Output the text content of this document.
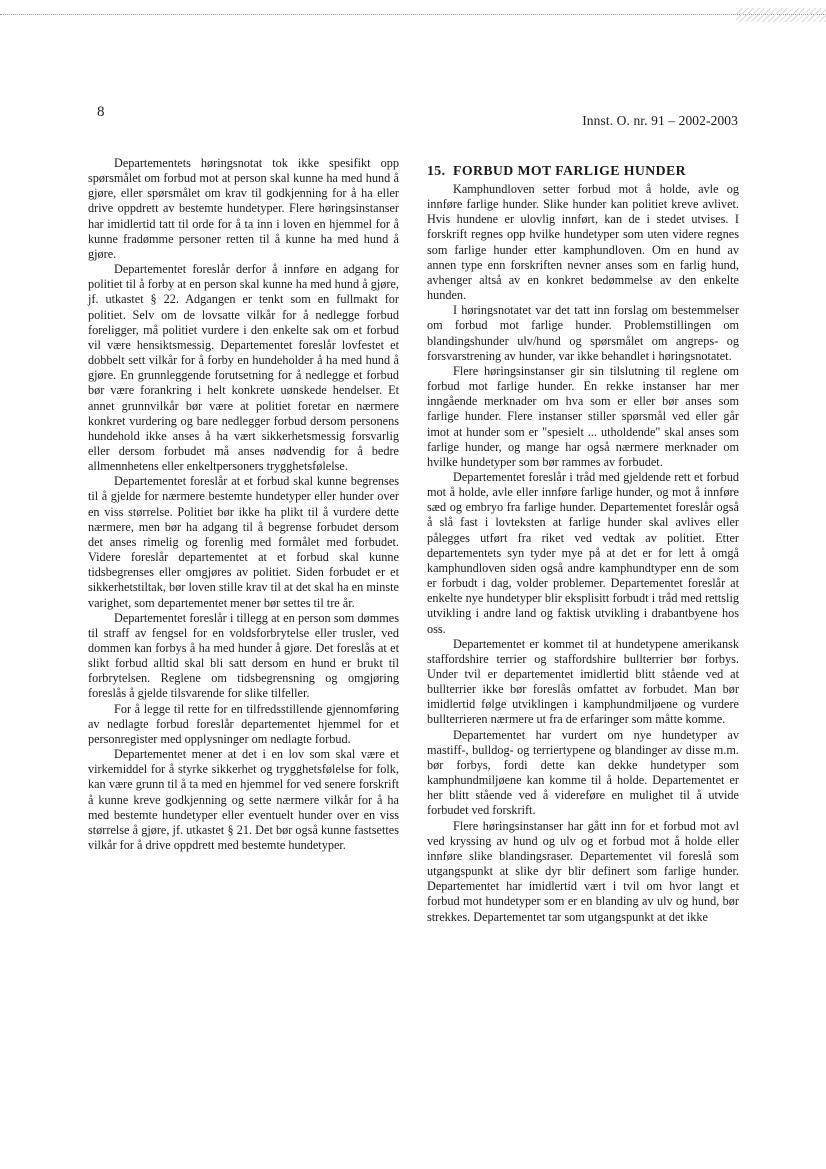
8
Innst. O. nr. 91 – 2002-2003

Departementets høringsnotat tok ikke spesifikt opp spørsmålet om forbud mot at person skal kunne ha med hund å gjøre, eller spørsmålet om krav til godkjenning for å ha eller drive oppdrett av bestemte hundetyper. Flere høringsinstanser har imidlertid tatt til orde for å ta inn i loven en hjemmel for å kunne fradømme personer retten til å kunne ha med hund å gjøre.

Departementet foreslår derfor å innføre en adgang for politiet til å forby at en person skal kunne ha med hund å gjøre, jf. utkastet § 22. Adgangen er tenkt som en fullmakt for politiet. Selv om de lovsatte vilkår for å nedlegge forbud foreligger, må politiet vurdere i den enkelte sak om et forbud vil være hensiktsmessig. Departementet foreslår lovfestet et dobbelt sett vilkår for å forby en hundeholder å ha med hund å gjøre. En grunnleggende forutsetning for å nedlegge et forbud bør være forankring i helt konkrete uønskede hendelser. Et annet grunnvilkår bør være at politiet foretar en nærmere konkret vurdering og bare nedlegger forbud dersom personens hundehold ikke anses å ha vært sikkerhetsmessig forsvarlig eller dersom forbudet må anses nødvendig for å bedre allmennhetens eller enkeltpersoners trygghetsfølelse.

Departementet foreslår at et forbud skal kunne begrenses til å gjelde for nærmere bestemte hundetyper eller hunder over en viss størrelse. Politiet bør ikke ha plikt til å vurdere dette nærmere, men bør ha adgang til å begrense forbudet dersom det anses rimelig og forenlig med formålet med forbudet. Videre foreslår departementet at et forbud skal kunne tidsbegrenses eller omgjøres av politiet. Siden forbudet er et sikkerhetstiltak, bør loven stille krav til at det skal ha en minste varighet, som departementet mener bør settes til tre år.

Departementet foreslår i tillegg at en person som dømmes til straff av fengsel for en voldsforbrytelse eller trusler, ved dommen kan forbys å ha med hunder å gjøre. Det foreslås at et slikt forbud alltid skal bli satt dersom en hund er brukt til forbrytelsen. Reglene om tidsbegrensning og omgjøring foreslås å gjelde tilsvarende for slike tilfeller.

For å legge til rette for en tilfredsstillende gjennomføring av nedlagte forbud foreslår departementet hjemmel for et personregister med opplysninger om nedlagte forbud.

Departementet mener at det i en lov som skal være et virkemiddel for å styrke sikkerhet og trygghetsfølelse for folk, kan være grunn til å ta med en hjemmel for ved senere forskrift å kunne kreve godkjenning og sette nærmere vilkår for å ha med bestemte hundetyper eller eventuelt hunder over en viss størrelse å gjøre, jf. utkastet § 21. Det bør også kunne fastsettes vilkår for å drive oppdrett med bestemte hundetyper.

15. FORBUD MOT FARLIGE HUNDER

Kamphundloven setter forbud mot å holde, avle og innføre farlige hunder. Slike hunder kan politiet kreve avlivet. Hvis hundene er ulovlig innført, kan de i stedet utvises. I forskrift regnes opp hvilke hundetyper som uten videre regnes som farlige hunder etter kamphundloven. Om en hund av annen type enn forskriften nevner anses som en farlig hund, avhenger altså av en konkret bedømmelse av den enkelte hunden.

I høringsnotatet var det tatt inn forslag om bestemmelser om forbud mot farlige hunder. Problemstillingen om blandingshunder ulv/hund og spørsmålet om angreps- og forsvarstrening av hunder, var ikke behandlet i høringsnotatet.

Flere høringsinstanser gir sin tilslutning til reglene om forbud mot farlige hunder. En rekke instanser har mer inngående merknader om hva som er eller bør anses som farlige hunder. Flere instanser stiller spørsmål ved eller går imot at hunder som er "spesielt ... utholdende" skal anses som farlige hunder, og mange har også nærmere merknader om hvilke hundetyper som bør rammes av forbudet.

Departementet foreslår i tråd med gjeldende rett et forbud mot å holde, avle eller innføre farlige hunder, og mot å innføre sæd og embryo fra farlige hunder. Departementet foreslår også å slå fast i lovteksten at farlige hunder skal avlives eller pålegges utført fra riket ved vedtak av politiet. Etter departementets syn tyder mye på at det er for lett å omgå kamphundloven siden også andre kamphundtyper enn de som er forbudt i dag, volder problemer. Departementet foreslår at enkelte nye hundetyper blir eksplisitt forbudt i tråd med rettslig utvikling i andre land og faktisk utvikling i drabantbyene hos oss.

Departementet er kommet til at hundetypene amerikansk staffordshire terrier og staffordshire bullterrier bør forbys. Under tvil er departementet imidlertid blitt stående ved at bullterrier ikke bør foreslås omfattet av forbudet. Man bør imidlertid følge utviklingen i kamphundmiljøene og vurdere bullterrieren nærmere ut fra de erfaringer som måtte komme.

Departementet har vurdert om nye hundetyper av mastiff-, bulldog- og terriertypene og blandinger av disse m.m. bør forbys, fordi dette kan dekke hundetyper som kamphundmiljøene kan komme til å holde. Departementet er her blitt stående ved å videreføre en mulighet til å utvide forbudet ved forskrift.

Flere høringsinstanser har gått inn for et forbud mot avl ved kryssing av hund og ulv og et forbud mot å holde eller innføre slike blandingsraser. Departementet vil foreslå som utgangspunkt at slike dyr blir definert som farlige hunder. Departementet har imidlertid vært i tvil om hvor langt et forbud mot hundetyper som er en blanding av ulv og hund, bør strekkes. Departementet tar som utgangspunkt at det ikke
